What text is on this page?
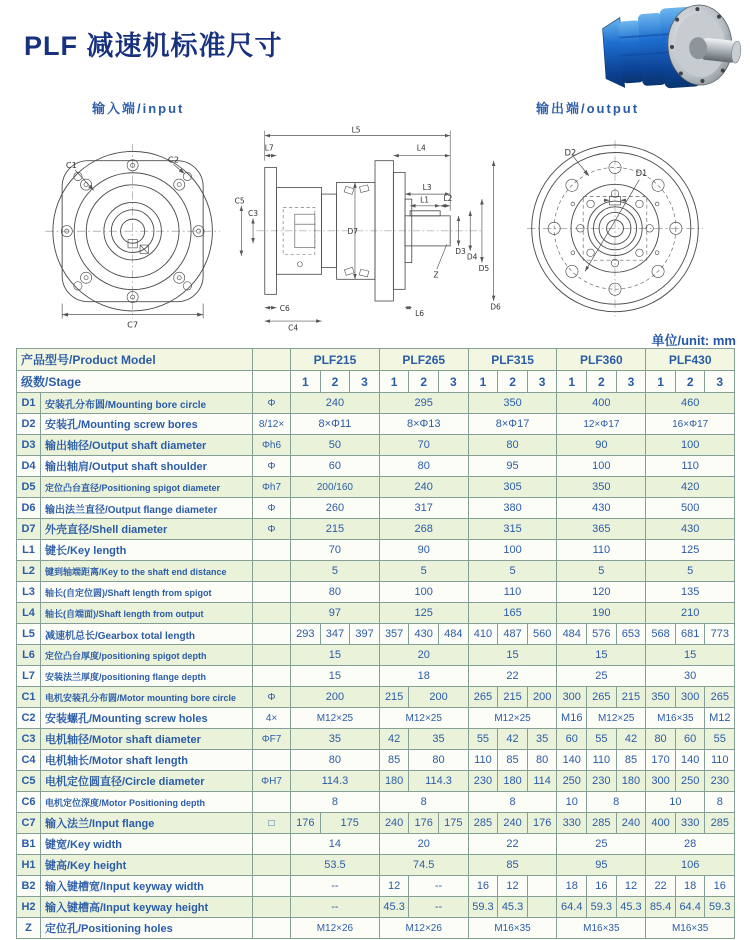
PLF 减速机标准尺寸
输入端/input	输出端/output
C1
C2
C7
L5
L7	L4
L3
L1 L2
D7
D3
D4
D5
D6
C5
C3
C6
C4
L6
Z
D2
D1
单位/unit: mm
产品型号/Product Model			PLF215			PLF265			PLF315			PLF360			PLF430		
级数/Stage			1	2	3	1	2	3	1	2	3	1	2	3	1	2	3
D1	安装孔分布圆/Mounting bore circle	Φ	240			295			350			400			460		
D2	安装孔/Mounting screw bores	8/12×	8×Φ11			8×Φ13			8×Φ17			12×Φ17			16×Φ17		
D3	输出轴径/Output shaft diameter	Φh6	50			70			80			90			100		
D4	输出轴肩/Output shaft shoulder	Φ	60			80			95			100			110		
D5	定位凸台直径/Positioning spigot diameter	Φh7	200/160			240			305			350			420		
D6	输出法兰直径/Output flange diameter	Φ	260			317			380			430			500		
D7	外壳直径/Shell diameter	Φ	215			268			315			365			430		
L1	键长/Key length		70			90			100			110			125		
L2	键到轴端距离/Key to the shaft end distance		5			5			5			5			5		
L3	轴长(自定位圆)/Shaft length from spigot		80			100			110			120			135		
L4	轴长(自端面)/Shaft length from output		97			125			165			190			210		
L5	减速机总长/Gearbox total length		293	347	397	357	430	484	410	487	560	484	576	653	568	681	773
L6	定位凸台厚度/positioning spigot depth		15			20			15			15			15		
L7	安装法兰厚度/positioning flange depth		15			18			22			25			30		
C1	电机安装孔分布圆/Motor mounting bore circle	Φ	200			215	200		265	215	200	300	265	215	350	300	265
C2	安装螺孔/Mounting screw holes	4×	M12×25			M12×25			M12×25			M16	M12×25		M16×35		M12
C3	电机轴径/Motor shaft diameter	ΦF7	35			42	35		55	42	35	60	55	42	80	60	55
C4	电机轴长/Motor shaft length		80			85	80		110	85	80	140	110	85	170	140	110
C5	电机定位圆直径/Circle diameter	ΦH7	114.3			180	114.3		230	180	114	250	230	180	300	250	230
C6	电机定位深度/Motor Positioning depth		8			8			8			10	8		10		8
C7	输入法兰/Input flange	□	176	175		240	176	175	285	240	176	330	285	240	400	330	285
B1	键宽/Key width		14			20			22			25			28		
H1	键高/Key height		53.5			74.5			85			95			106		
B2	输入键槽宽/Input keyway width		--			12	--		16	12		18	16	12	22	18	16
H2	输入键槽高/Input keyway height		--			45.3	--		59.3	45.3		64.4	59.3	45.3	85.4	64.4	59.3
Z	定位孔/Positioning holes		M12×26			M12×26			M16×35			M16×35			M16×35		
